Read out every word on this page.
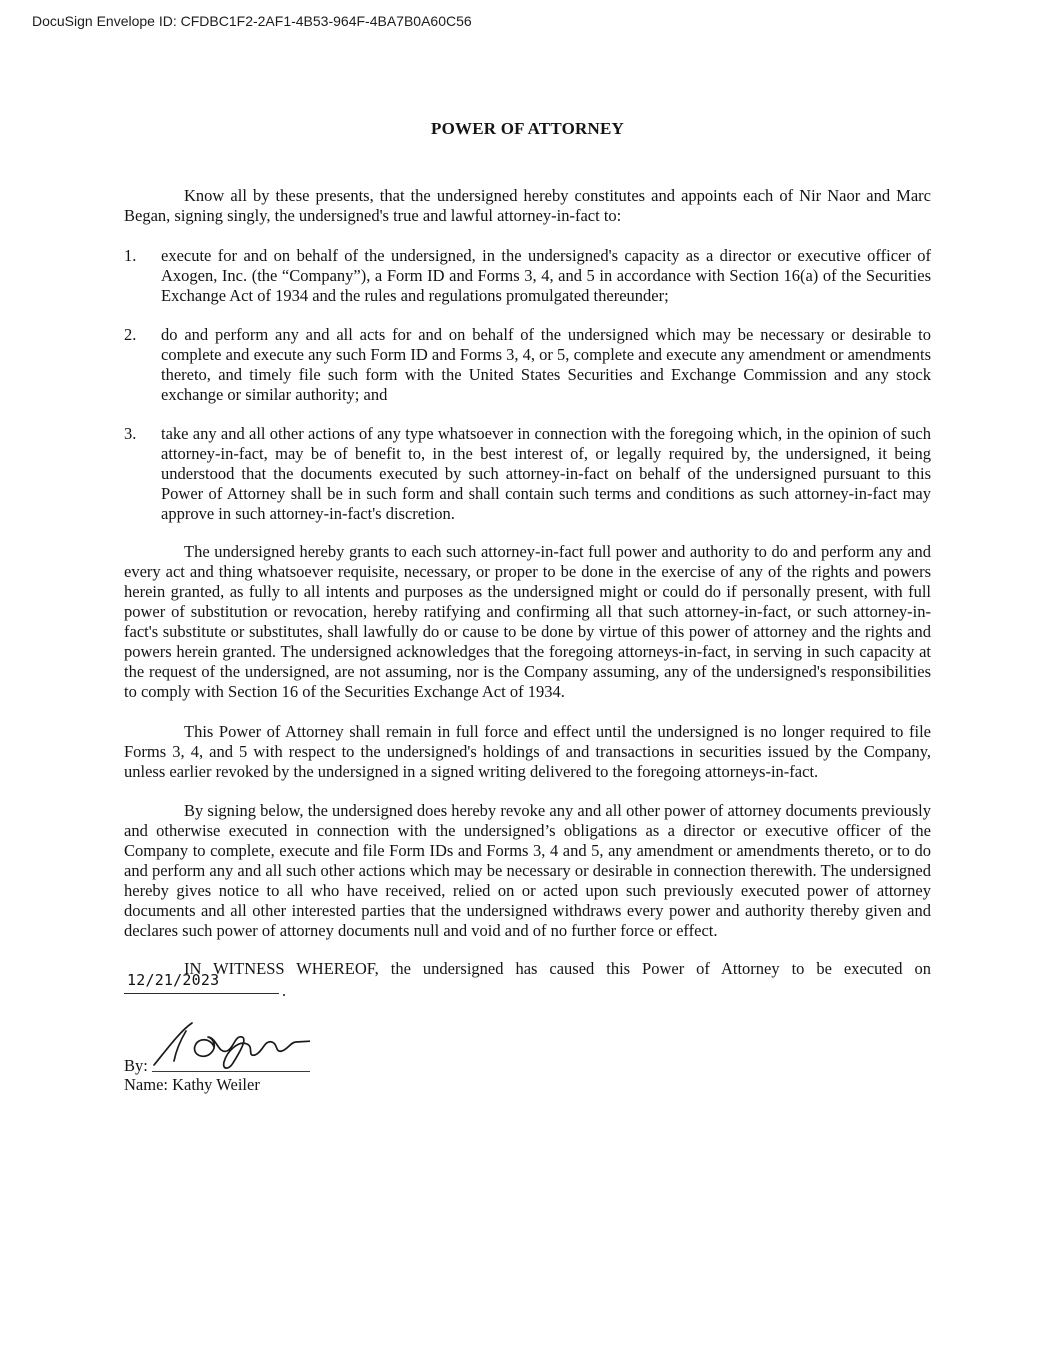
DocuSign Envelope ID: CFDBC1F2-2AF1-4B53-964F-4BA7B0A60C56
POWER OF ATTORNEY

Know all by these presents, that the undersigned hereby constitutes and appoints each of Nir Naor and Marc Began, signing singly, the undersigned's true and lawful attorney-in-fact to:

1. execute for and on behalf of the undersigned, in the undersigned's capacity as a director or executive officer of Axogen, Inc. (the “Company”), a Form ID and Forms 3, 4, and 5 in accordance with Section 16(a) of the Securities Exchange Act of 1934 and the rules and regulations promulgated thereunder;
2. do and perform any and all acts for and on behalf of the undersigned which may be necessary or desirable to complete and execute any such Form ID and Forms 3, 4, or 5, complete and execute any amendment or amendments thereto, and timely file such form with the United States Securities and Exchange Commission and any stock exchange or similar authority; and
3. take any and all other actions of any type whatsoever in connection with the foregoing which, in the opinion of such attorney-in-fact, may be of benefit to, in the best interest of, or legally required by, the undersigned, it being understood that the documents executed by such attorney-in-fact on behalf of the undersigned pursuant to this Power of Attorney shall be in such form and shall contain such terms and conditions as such attorney-in-fact may approve in such attorney-in-fact's discretion.

The undersigned hereby grants to each such attorney-in-fact full power and authority to do and perform any and every act and thing whatsoever requisite, necessary, or proper to be done in the exercise of any of the rights and powers herein granted, as fully to all intents and purposes as the undersigned might or could do if personally present, with full power of substitution or revocation, hereby ratifying and confirming all that such attorney-in-fact, or such attorney-in-fact's substitute or substitutes, shall lawfully do or cause to be done by virtue of this power of attorney and the rights and powers herein granted. The undersigned acknowledges that the foregoing attorneys-in-fact, in serving in such capacity at the request of the undersigned, are not assuming, nor is the Company assuming, any of the undersigned's responsibilities to comply with Section 16 of the Securities Exchange Act of 1934.

This Power of Attorney shall remain in full force and effect until the undersigned is no longer required to file Forms 3, 4, and 5 with respect to the undersigned's holdings of and transactions in securities issued by the Company, unless earlier revoked by the undersigned in a signed writing delivered to the foregoing attorneys-in-fact.

By signing below, the undersigned does hereby revoke any and all other power of attorney documents previously and otherwise executed in connection with the undersigned’s obligations as a director or executive officer of the Company to complete, execute and file Form IDs and Forms 3, 4 and 5, any amendment or amendments thereto, or to do and perform any and all such other actions which may be necessary or desirable in connection therewith. The undersigned hereby gives notice to all who have received, relied on or acted upon such previously executed power of attorney documents and all other interested parties that the undersigned withdraws every power and authority thereby given and declares such power of attorney documents null and void and of no further force or effect.

IN WITNESS WHEREOF, the undersigned has caused this Power of Attorney to be executed on

12/21/2023
.
By:
Name: Kathy Weiler
